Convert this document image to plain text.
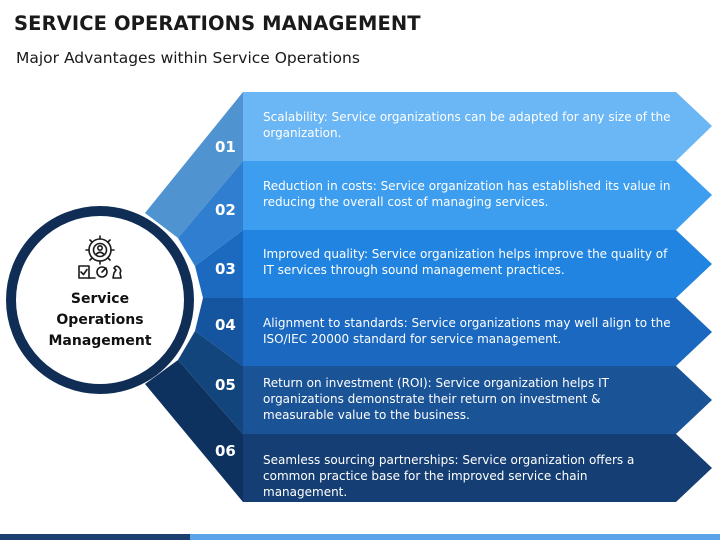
SERVICE OPERATIONS MANAGEMENT

Major Advantages within Service Operations

01
02
03
04
05
06
Scalability: Service organizations can be adapted for any size of the organization.
Reduction in costs: Service organization has established its value in reducing the overall cost of managing services.
Improved quality: Service organization helps improve the quality of IT services through sound management practices.
Alignment to standards: Service organizations may well align to the ISO/IEC 20000 standard for service management.
Return on investment (ROI): Service organization helps IT organizations demonstrate their return on investment & measurable value to the business.
Seamless sourcing partnerships: Service organization offers a common practice base for the improved service chain management.
Service
Operations
Management
